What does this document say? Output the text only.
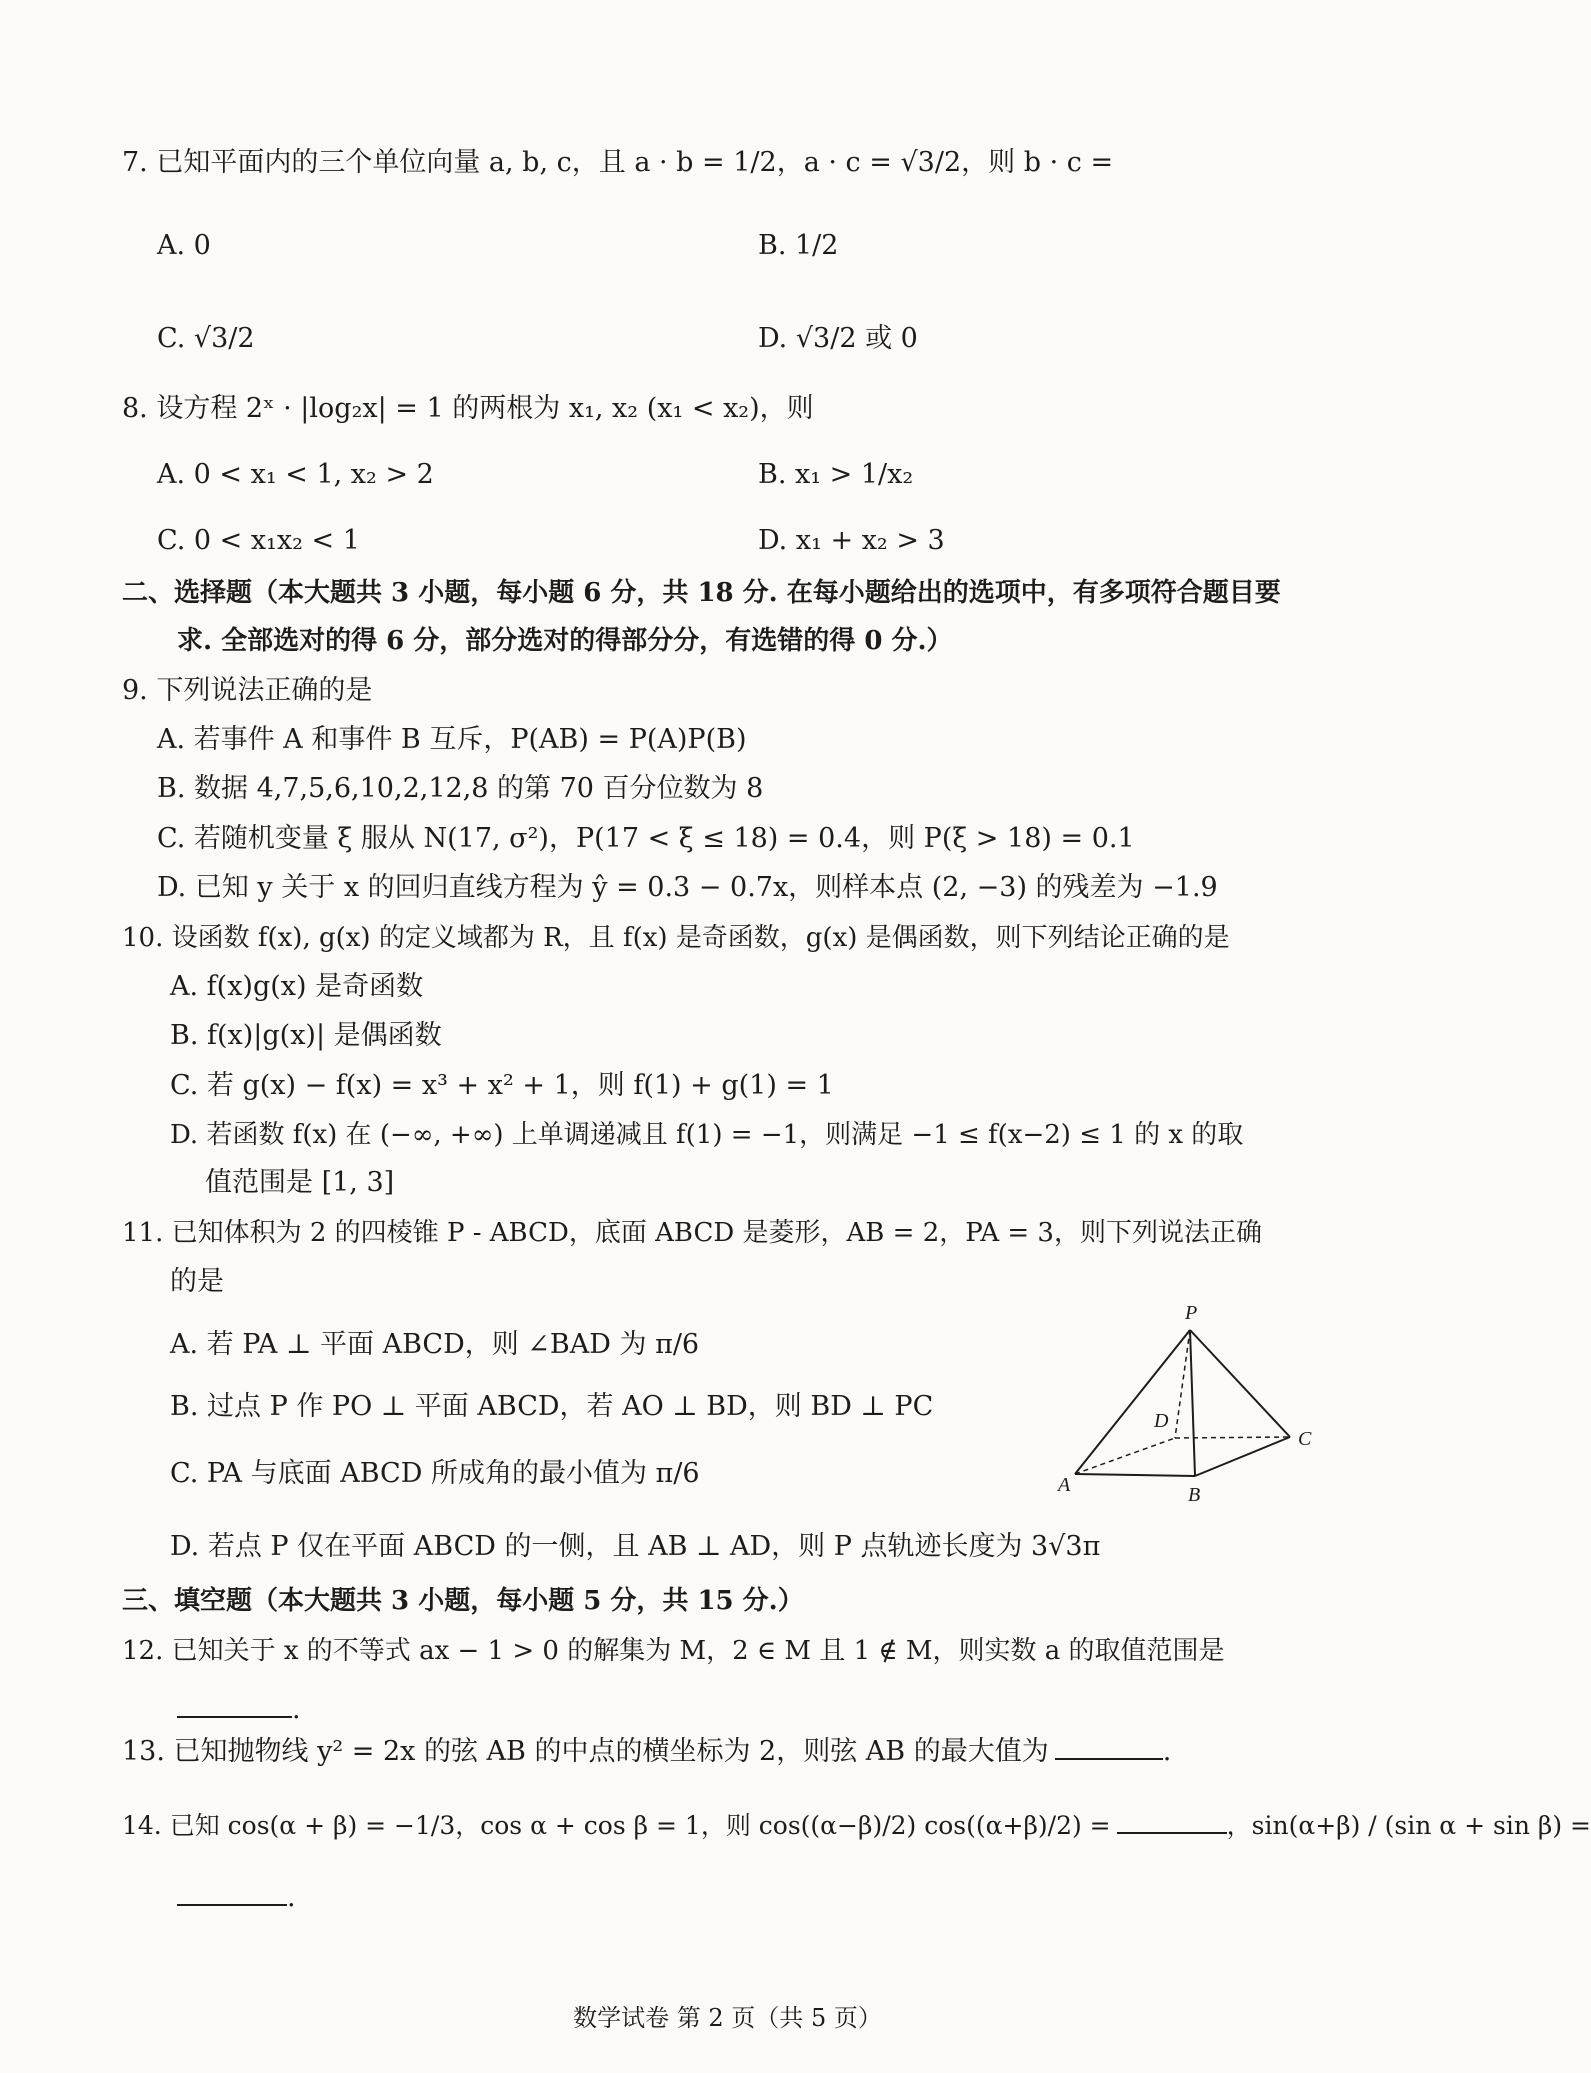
7. 已知平面内的三个单位向量 a, b, c，且 a · b = 1/2，a · c = √3/2，则 b · c =
A. 0	B. 1/2
C. √3/2	D. √3/2 或 0
8. 设方程 2ˣ · |log₂x| = 1 的两根为 x₁, x₂ (x₁ < x₂)，则
A. 0 < x₁ < 1, x₂ > 2	B. x₁ > 1/x₂
C. 0 < x₁x₂ < 1	D. x₁ + x₂ > 3
二、选择题（本大题共 3 小题，每小题 6 分，共 18 分. 在每小题给出的选项中，有多项符合题目要
求. 全部选对的得 6 分，部分选对的得部分分，有选错的得 0 分.）
9. 下列说法正确的是
A. 若事件 A 和事件 B 互斥，P(AB) = P(A)P(B)
B. 数据 4,7,5,6,10,2,12,8 的第 70 百分位数为 8
C. 若随机变量 ξ 服从 N(17, σ²)，P(17 < ξ ≤ 18) = 0.4，则 P(ξ > 18) = 0.1
D. 已知 y 关于 x 的回归直线方程为 ŷ = 0.3 − 0.7x，则样本点 (2, −3) 的残差为 −1.9
10. 设函数 f(x), g(x) 的定义域都为 R，且 f(x) 是奇函数，g(x) 是偶函数，则下列结论正确的是
A. f(x)g(x) 是奇函数
B. f(x)|g(x)| 是偶函数
C. 若 g(x) − f(x) = x³ + x² + 1，则 f(1) + g(1) = 1
D. 若函数 f(x) 在 (−∞, +∞) 上单调递减且 f(1) = −1，则满足 −1 ≤ f(x−2) ≤ 1 的 x 的取
值范围是 [1, 3]
11. 已知体积为 2 的四棱锥 P - ABCD，底面 ABCD 是菱形，AB = 2，PA = 3，则下列说法正确
的是
A. 若 PA ⊥ 平面 ABCD，则 ∠BAD 为 π/6
B. 过点 P 作 PO ⊥ 平面 ABCD，若 AO ⊥ BD，则 BD ⊥ PC
C. PA 与底面 ABCD 所成角的最小值为 π/6
D. 若点 P 仅在平面 ABCD 的一侧，且 AB ⊥ AD，则 P 点轨迹长度为 3√3π
P
A	B
C
D
三、填空题（本大题共 3 小题，每小题 5 分，共 15 分.）
12. 已知关于 x 的不等式 ax − 1 > 0 的解集为 M，2 ∈ M 且 1 ∉ M，则实数 a 的取值范围是
.
13. 已知抛物线 y² = 2x 的弦 AB 的中点的横坐标为 2，则弦 AB 的最大值为	.
14. 已知 cos(α + β) = −1/3，cos α + cos β = 1，则 cos((α−β)/2) cos((α+β)/2) =	，sin(α+β) / (sin α + sin β) =
.
数学试卷 第 2 页（共 5 页）
